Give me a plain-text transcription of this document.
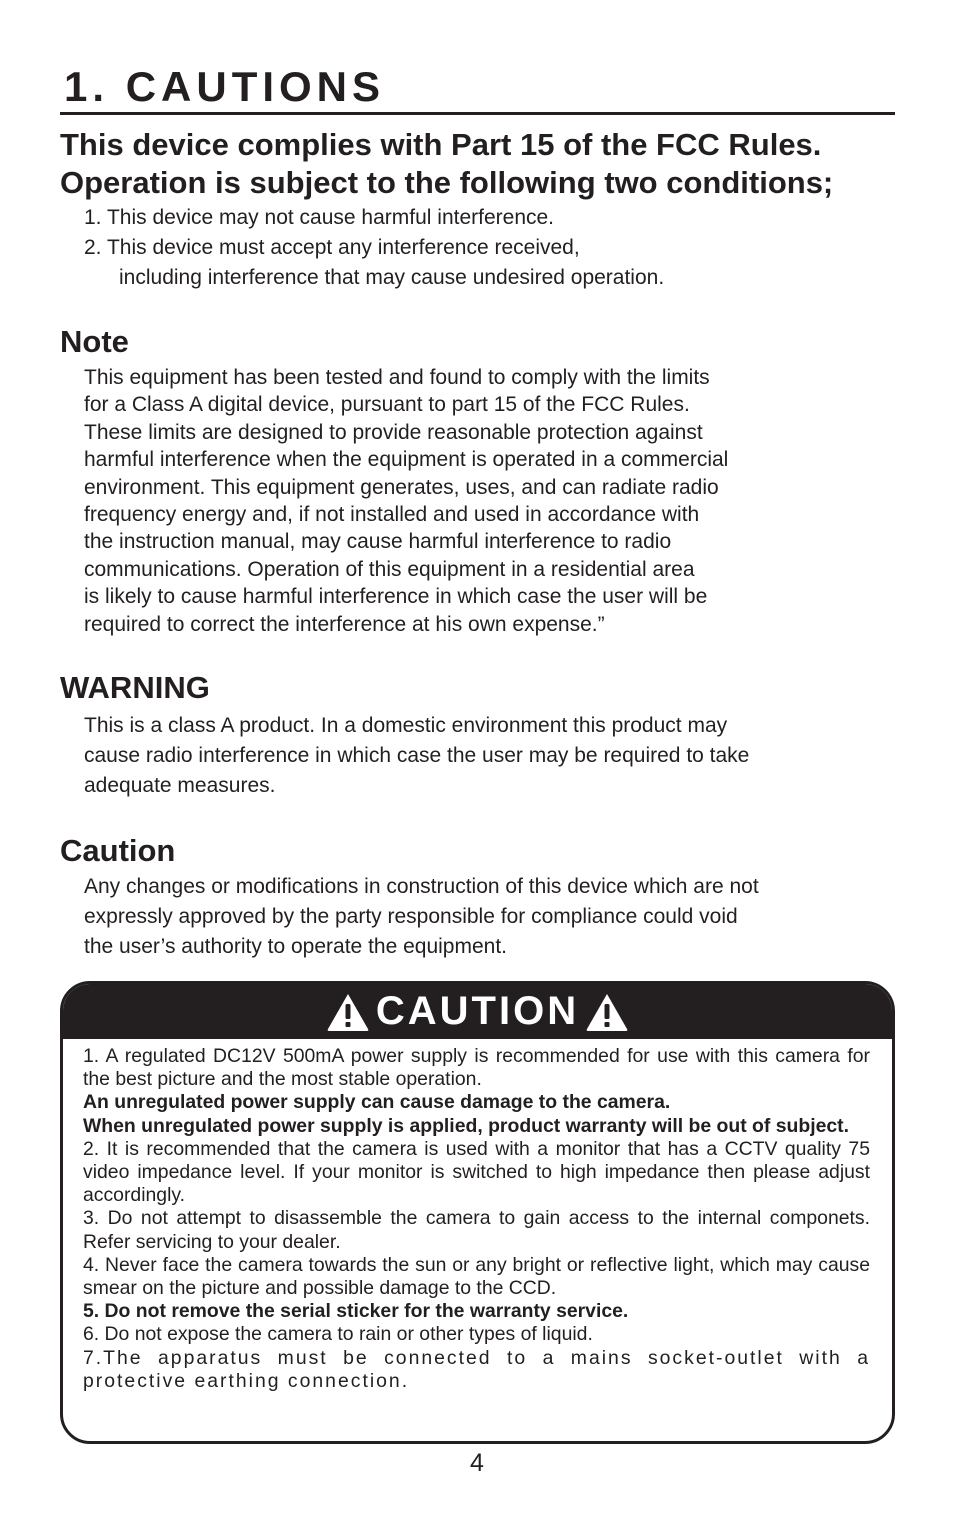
1. CAUTIONS
This device complies with Part 15 of the FCC Rules.
Operation is subject to the following two conditions;
1. This device may not cause harmful interference.
2. This device must accept any interference received,
including interference that may cause undesired operation.
Note
This equipment has been tested and found to comply with the limits
for a Class A digital device, pursuant to part 15 of the FCC Rules.
These limits are designed to provide reasonable protection against
harmful interference when the equipment is operated in a commercial
environment. This equipment generates, uses, and can radiate radio
frequency energy and, if not installed and used in accordance with
the instruction manual, may cause harmful interference to radio
communications. Operation of this equipment in a residential area
is likely to cause harmful interference in which case the user will be
required to correct the interference at his own expense.”
WARNING
This is a class A product. In a domestic environment this product may
cause radio interference in which case the user may be required to take
adequate measures.
Caution
Any changes or modifications in construction of this device which are not
expressly approved by the party responsible for compliance could void
the user’s authority to operate the equipment.
CAUTION

1. A regulated DC12V 500mA power supply is recommended for use with this camera for the best picture and the most stable operation.

An unregulated power supply can cause damage to the camera.

When unregulated power supply is applied, product warranty will be out of subject.

2. It is recommended that the camera is used with a monitor that has a CCTV quality 75 video impedance level. If your monitor is switched to high impedance then please adjust accordingly.

3. Do not attempt to disassemble the camera to gain access to the internal componets. Refer servicing to your dealer.

4. Never face the camera towards the sun or any bright or reflective light, which may cause smear on the picture and possible damage to the CCD.

5. Do not remove the serial sticker for the warranty service.

6. Do not expose the camera to rain or other types of liquid.

7.The apparatus must be connected to a mains socket-outlet with a protective earthing connection.

4
